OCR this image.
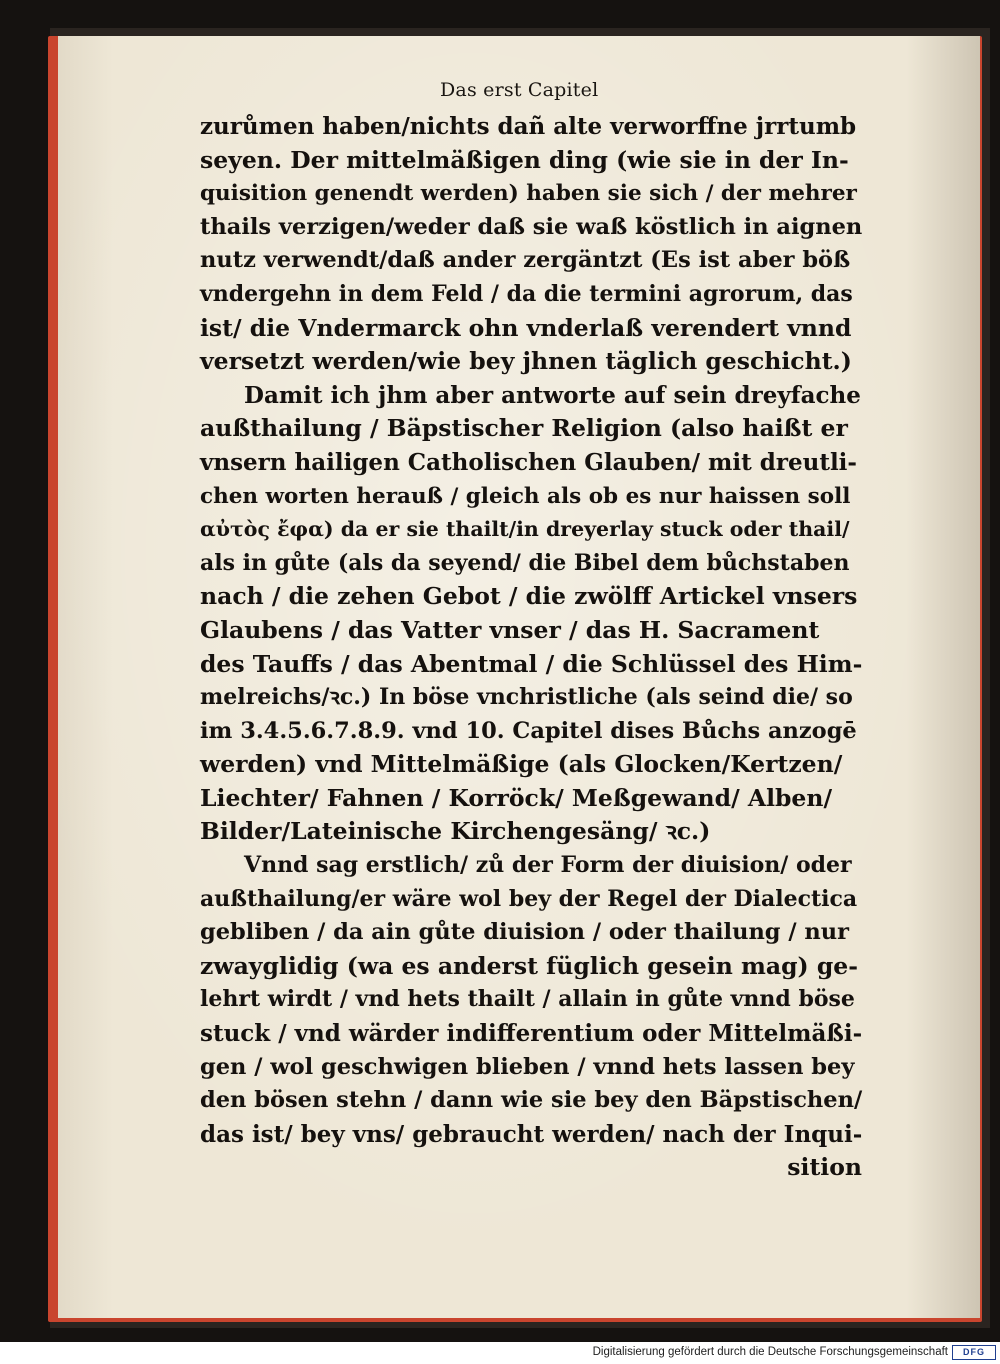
Das erst Capitel
zurůmen haben/nichts dañ alte verworffne jrrtumb
seyen. Der mittelmäßigen ding (wie sie in der In-
quisition genendt werden) haben sie sich / der mehrer
thails verzigen/weder daß sie waß köstlich in aignen
nutz verwendt/daß ander zergäntzt (Es ist aber böß
vndergehn in dem Feld / da die termini agrorum, das
ist/ die Vndermarck ohn vnderlaß verendert vnnd
versetzt werden/wie bey jhnen täglich geschicht.)
Damit ich jhm aber antworte auf sein dreyfache
außthailung / Bäpstischer Religion (also haißt er
vnsern hailigen Catholischen Glauben/ mit dreutli-
chen worten herauß / gleich als ob es nur haissen soll
αὐτὸς ἔφα) da er sie thailt/in dreyerlay stuck oder thail/
als in gůte (als da seyend/ die Bibel dem bůchstaben
nach / die zehen Gebot / die zwölff Artickel vnsers
Glaubens / das Vatter vnser / das H. Sacrament
des Tauffs / das Abentmal / die Schlüssel des Him-
melreichs/ꝛc.) In böse vnchristliche (als seind die/ so
im 3.4.5.6.7.8.9. vnd 10. Capitel dises Bůchs anzogē
werden) vnd Mittelmäßige (als Glocken/Kertzen/
Liechter/ Fahnen / Korröck/ Meßgewand/ Alben/
Bilder/Lateinische Kirchengesäng/ ꝛc.)
Vnnd sag erstlich/ zů der Form der diuision/ oder
außthailung/er wäre wol bey der Regel der Dialectica
gebliben / da ain gůte diuision / oder thailung / nur
zwayglidig (wa es anderst füglich gesein mag) ge-
lehrt wirdt / vnd hets thailt / allain in gůte vnnd böse
stuck / vnd wärder indifferentium oder Mittelmäßi-
gen / wol geschwigen blieben / vnnd hets lassen bey
den bösen stehn / dann wie sie bey den Bäpstischen/
das ist/ bey vns/ gebraucht werden/ nach der Inqui-
sition
Digitalisierung gefördert durch die Deutsche Forschungsgemeinschaft	DFG
